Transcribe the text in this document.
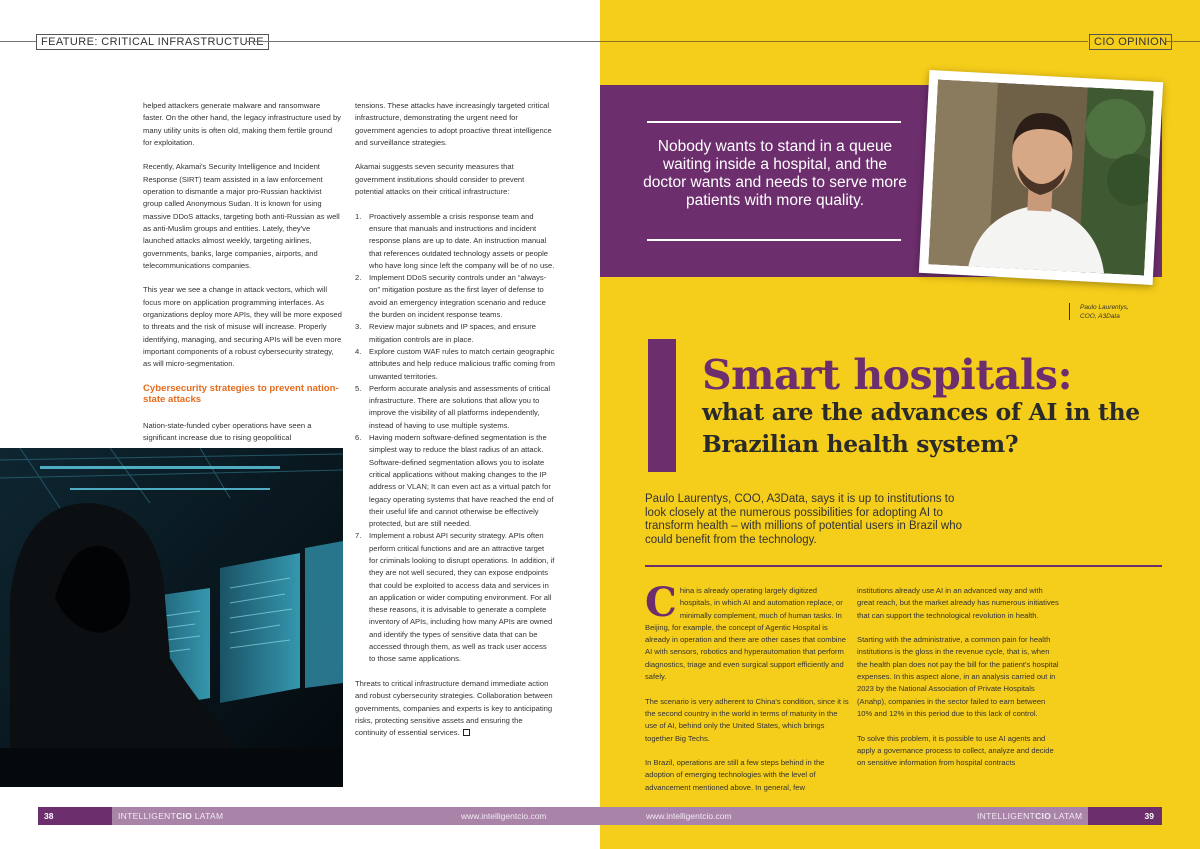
FEATURE: CRITICAL INFRASTRUCTURE

helped attackers generate malware and ransomware faster. On the other hand, the legacy infrastructure used by many utility units is often old, making them fertile ground for exploitation.

Recently, Akamai's Security Intelligence and Incident Response (SIRT) team assisted in a law enforcement operation to dismantle a major pro-Russian hacktivist group called Anonymous Sudan. It is known for using massive DDoS attacks, targeting both anti-Russian as well as anti-Muslim groups and entities. Lately, they've launched attacks almost weekly, targeting airlines, governments, banks, large companies, airports, and telecommunications companies.

This year we see a change in attack vectors, which will focus more on application programming interfaces. As organizations deploy more APIs, they will be more exposed to threats and the risk of misuse will increase. Properly identifying, managing, and securing APIs will be even more important components of a robust cybersecurity strategy, as will micro-segmentation.

Cybersecurity strategies to prevent nation-state attacks

Nation-state-funded cyber operations have seen a significant increase due to rising geopolitical

tensions. These attacks have increasingly targeted critical infrastructure, demonstrating the urgent need for government agencies to adopt proactive threat intelligence and surveillance strategies.

Akamai suggests seven security measures that government institutions should consider to prevent potential attacks on their critical infrastructure:

1. Proactively assemble a crisis response team and ensure that manuals and instructions and incident response plans are up to date. An instruction manual that references outdated technology assets or people who have long since left the company will be of no use.
2. Implement DDoS security controls under an “always-on” mitigation posture as the first layer of defense to avoid an emergency integration scenario and reduce the burden on incident response teams.
3. Review major subnets and IP spaces, and ensure mitigation controls are in place.
4. Explore custom WAF rules to match certain geographic attributes and help reduce malicious traffic coming from unwanted territories.
5. Perform accurate analysis and assessments of critical infrastructure. There are solutions that allow you to improve the visibility of all platforms independently, instead of having to use multiple systems.
6. Having modern software-defined segmentation is the simplest way to reduce the blast radius of an attack. Software-defined segmentation allows you to isolate critical applications without making changes to the IP address or VLAN; It can even act as a virtual patch for legacy operating systems that have reached the end of their useful life and cannot otherwise be effectively protected, but are still needed.
7. Implement a robust API security strategy. APIs often perform critical functions and are an attractive target for criminals looking to disrupt operations. In addition, if they are not well secured, they can expose endpoints that could be exploited to access data and services in an application or wider computing environment. For all these reasons, it is advisable to generate a complete inventory of APIs, including how many APIs are owned and identify the types of sensitive data that can be accessed through them, as well as track user access to those same applications.

Threats to critical infrastructure demand immediate action and robust cybersecurity strategies. Collaboration between governments, companies and experts is key to anticipating risks, protecting sensitive assets and ensuring the continuity of essential services.

38	INTELLIGENTCIO LATAM	www.intelligentcio.com
CIO OPINION
Nobody wants to stand in a queue waiting inside a hospital, and the doctor wants and needs to serve more patients with more quality.
Paulo Laurentys,
COO, A3Data
Smart hospitals:
what are the advances of AI in the Brazilian health system?
Paulo Laurentys, COO, A3Data, says it is up to institutions to look closely at the numerous possibilities for adopting AI to transform health – with millions of potential users in Brazil who could benefit from the technology.

China is already operating largely digitized hospitals, in which AI and automation replace, or minimally complement, much of human tasks. In Beijing, for example, the concept of Agentic Hospital is already in operation and there are other cases that combine AI with sensors, robotics and hyperautomation that perform diagnostics, triage and even surgical support efficiently and safely.

The scenario is very adherent to China's condition, since it is the second country in the world in terms of maturity in the use of AI, behind only the United States, which brings together Big Techs.

In Brazil, operations are still a few steps behind in the adoption of emerging technologies with the level of advancement mentioned above. In general, few

institutions already use AI in an advanced way and with great reach, but the market already has numerous initiatives that can support the technological revolution in health.

Starting with the administrative, a common pain for health institutions is the gloss in the revenue cycle, that is, when the health plan does not pay the bill for the patient's hospital expenses. In this aspect alone, in an analysis carried out in 2023 by the National Association of Private Hospitals (Anahp), companies in the sector failed to earn between 10% and 12% in this period due to this lack of control.

To solve this problem, it is possible to use AI agents and apply a governance process to collect, analyze and decide on sensitive information from hospital contracts

www.intelligentcio.com	INTELLIGENTCIO LATAM	39
